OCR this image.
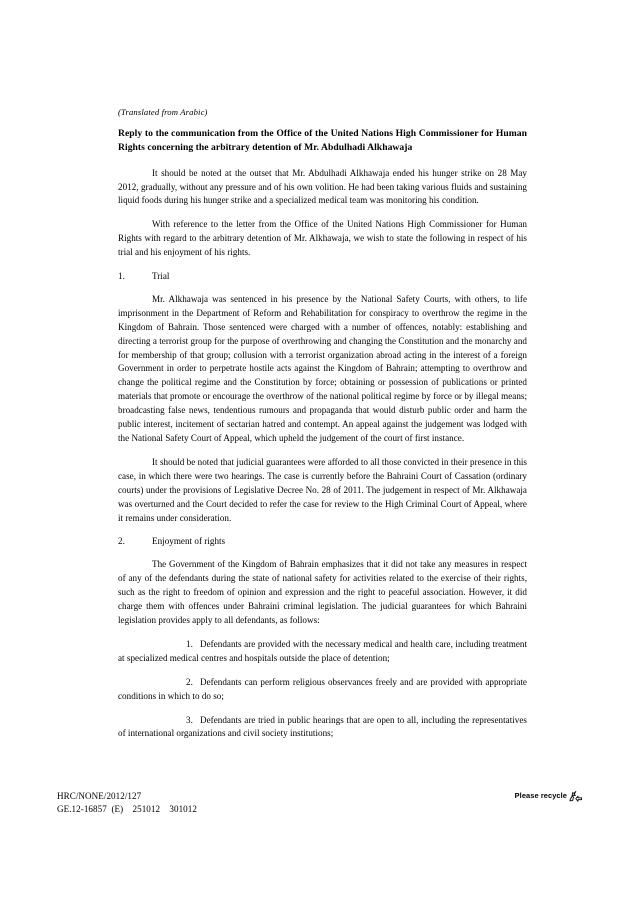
(Translated from Arabic)

Reply to the communication from the Office of the United Nations High Commissioner for Human Rights concerning the arbitrary detention of Mr. Abdulhadi Alkhawaja

It should be noted at the outset that Mr. Abdulhadi Alkhawaja ended his hunger strike on 28 May 2012, gradually, without any pressure and of his own volition. He had been taking various fluids and sustaining liquid foods during his hunger strike and a specialized medical team was monitoring his condition.

With reference to the letter from the Office of the United Nations High Commissioner for Human Rights with regard to the arbitrary detention of Mr. Alkhawaja, we wish to state the following in respect of his trial and his enjoyment of his rights.

1.	Trial

Mr. Alkhawaja was sentenced in his presence by the National Safety Courts, with others, to life imprisonment in the Department of Reform and Rehabilitation for conspiracy to overthrow the regime in the Kingdom of Bahrain. Those sentenced were charged with a number of offences, notably: establishing and directing a terrorist group for the purpose of overthrowing and changing the Constitution and the monarchy and for membership of that group; collusion with a terrorist organization abroad acting in the interest of a foreign Government in order to perpetrate hostile acts against the Kingdom of Bahrain; attempting to overthrow and change the political regime and the Constitution by force; obtaining or possession of publications or printed materials that promote or encourage the overthrow of the national political regime by force or by illegal means; broadcasting false news, tendentious rumours and propaganda that would disturb public order and harm the public interest, incitement of sectarian hatred and contempt. An appeal against the judgement was lodged with the National Safety Court of Appeal, which upheld the judgement of the court of first instance.

It should be noted that judicial guarantees were afforded to all those convicted in their presence in this case, in which there were two hearings. The case is currently before the Bahraini Court of Cassation (ordinary courts) under the provisions of Legislative Decree No. 28 of 2011. The judgement in respect of Mr. Alkhawaja was overturned and the Court decided to refer the case for review to the High Criminal Court of Appeal, where it remains under consideration.

2.	Enjoyment of rights

The Government of the Kingdom of Bahrain emphasizes that it did not take any measures in respect of any of the defendants during the state of national safety for activities related to the exercise of their rights, such as the right to freedom of opinion and expression and the right to peaceful association. However, it did charge them with offences under Bahraini criminal legislation. The judicial guarantees for which Bahraini legislation provides apply to all defendants, as follows:

1. Defendants are provided with the necessary medical and health care, including treatment at specialized medical centres and hospitals outside the place of detention;

2. Defendants can perform religious observances freely and are provided with appropriate conditions in which to do so;

3. Defendants are tried in public hearings that are open to all, including the representatives of international organizations and civil society institutions;

HRC/NONE/2012/127

GE.12-16857  (E)    251012    301012

Please recycle
